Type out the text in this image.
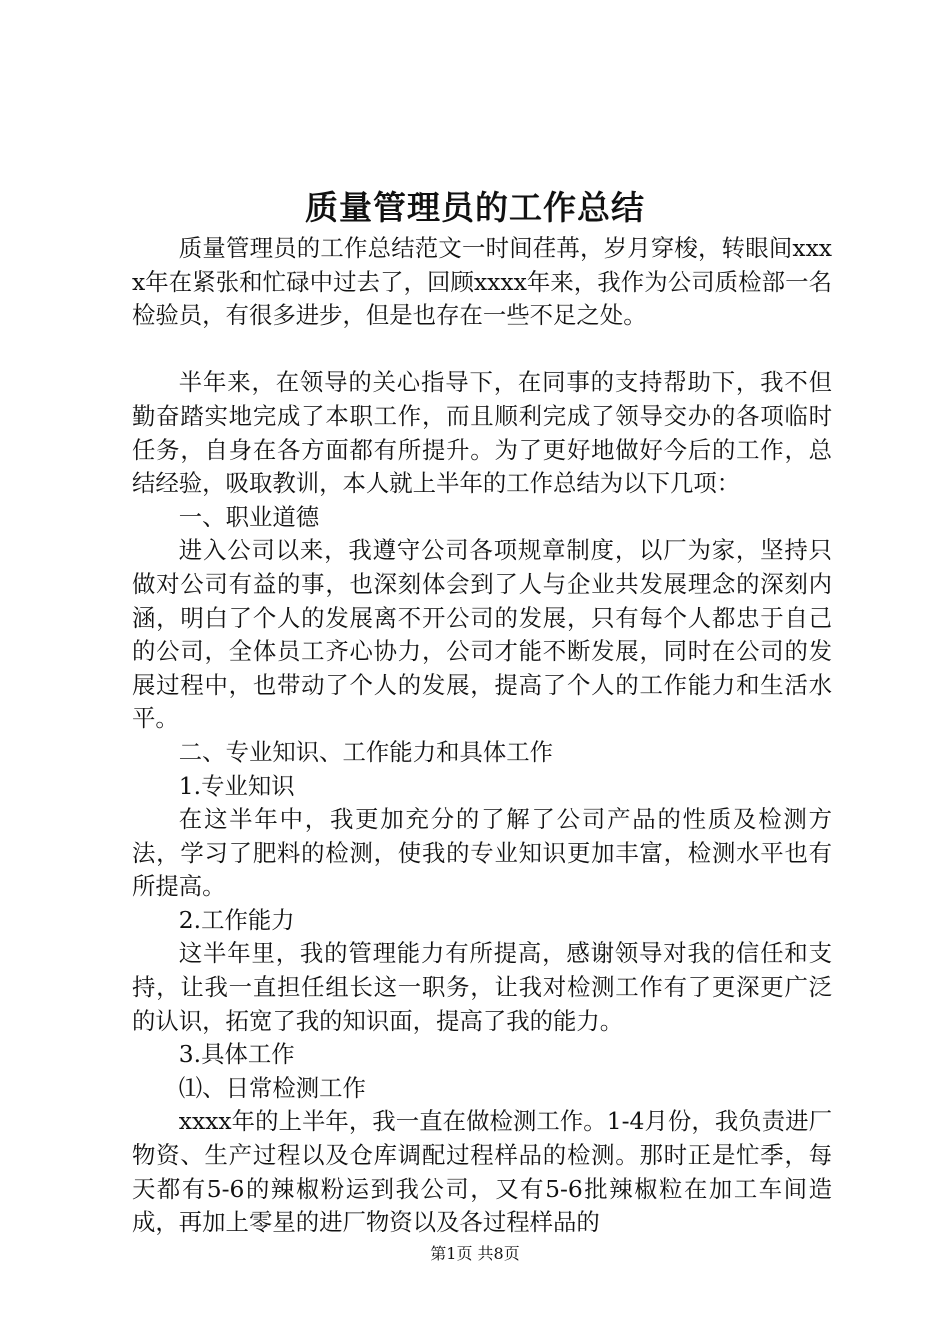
质量管理员的工作总结

质量管理员的工作总结范文一时间荏苒，岁月穿梭，转眼间xxxx年在紧张和忙碌中过去了，回顾xxxx年来，我作为公司质检部一名检验员，有很多进步，但是也存在一些不足之处。

半年来，在领导的关心指导下，在同事的支持帮助下，我不但勤奋踏实地完成了本职工作，而且顺利完成了领导交办的各项临时任务，自身在各方面都有所提升。为了更好地做好今后的工作，总结经验，吸取教训，本人就上半年的工作总结为以下几项：

一、职业道德

进入公司以来，我遵守公司各项规章制度，以厂为家，坚持只做对公司有益的事，也深刻体会到了人与企业共发展理念的深刻内涵，明白了个人的发展离不开公司的发展，只有每个人都忠于自己的公司，全体员工齐心协力，公司才能不断发展，同时在公司的发展过程中，也带动了个人的发展，提高了个人的工作能力和生活水平。

二、专业知识、工作能力和具体工作

1.专业知识

在这半年中，我更加充分的了解了公司产品的性质及检测方法，学习了肥料的检测，使我的专业知识更加丰富，检测水平也有所提高。

2.工作能力

这半年里，我的管理能力有所提高，感谢领导对我的信任和支持，让我一直担任组长这一职务，让我对检测工作有了更深更广泛的认识，拓宽了我的知识面，提高了我的能力。

3.具体工作

⑴、日常检测工作

xxxx年的上半年，我一直在做检测工作。1-4月份，我负责进厂物资、生产过程以及仓库调配过程样品的检测。那时正是忙季，每天都有5-6的辣椒粉运到我公司，又有5-6批辣椒粒在加工车间造成，再加上零星的进厂物资以及各过程样品的

第1页 共8页
